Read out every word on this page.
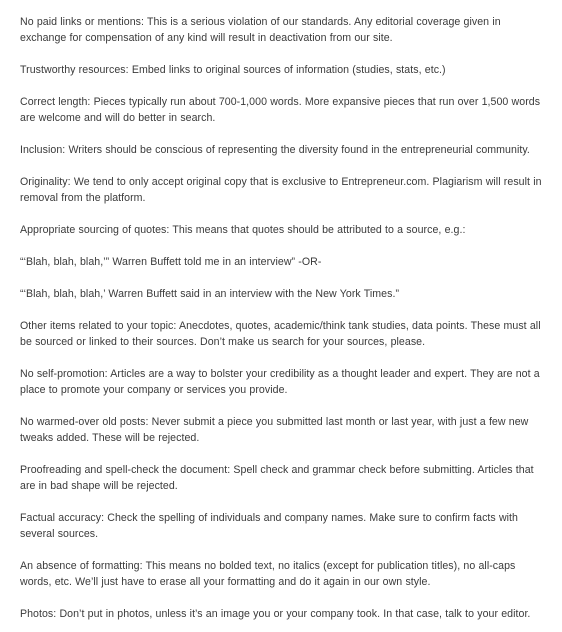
No paid links or mentions: This is a serious violation of our standards. Any editorial coverage given in exchange for compensation of any kind will result in deactivation from our site.

Trustworthy resources: Embed links to original sources of information (studies, stats, etc.)

Correct length: Pieces typically run about 700-1,000 words. More expansive pieces that run over 1,500 words are welcome and will do better in search.

Inclusion: Writers should be conscious of representing the diversity found in the entrepreneurial community.

Originality: We tend to only accept original copy that is exclusive to Entrepreneur.com. Plagiarism will result in removal from the platform.

Appropriate sourcing of quotes: This means that quotes should be attributed to a source, e.g.:

“‘Blah, blah, blah,’” Warren Buffett told me in an interview” -OR-

“‘Blah, blah, blah,’ Warren Buffett said in an interview with the New York Times.”

Other items related to your topic: Anecdotes, quotes, academic/think tank studies, data points. These must all be sourced or linked to their sources. Don’t make us search for your sources, please.

No self-promotion: Articles are a way to bolster your credibility as a thought leader and expert. They are not a place to promote your company or services you provide.

No warmed-over old posts: Never submit a piece you submitted last month or last year, with just a few new tweaks added. These will be rejected.

Proofreading and spell-check the document: Spell check and grammar check before submitting. Articles that are in bad shape will be rejected.

Factual accuracy: Check the spelling of individuals and company names. Make sure to confirm facts with several sources.

An absence of formatting: This means no bolded text, no italics (except for publication titles), no all-caps words, etc. We’ll just have to erase all your formatting and do it again in our own style.

Photos: Don’t put in photos, unless it’s an image you or your company took. In that case, talk to your editor.
